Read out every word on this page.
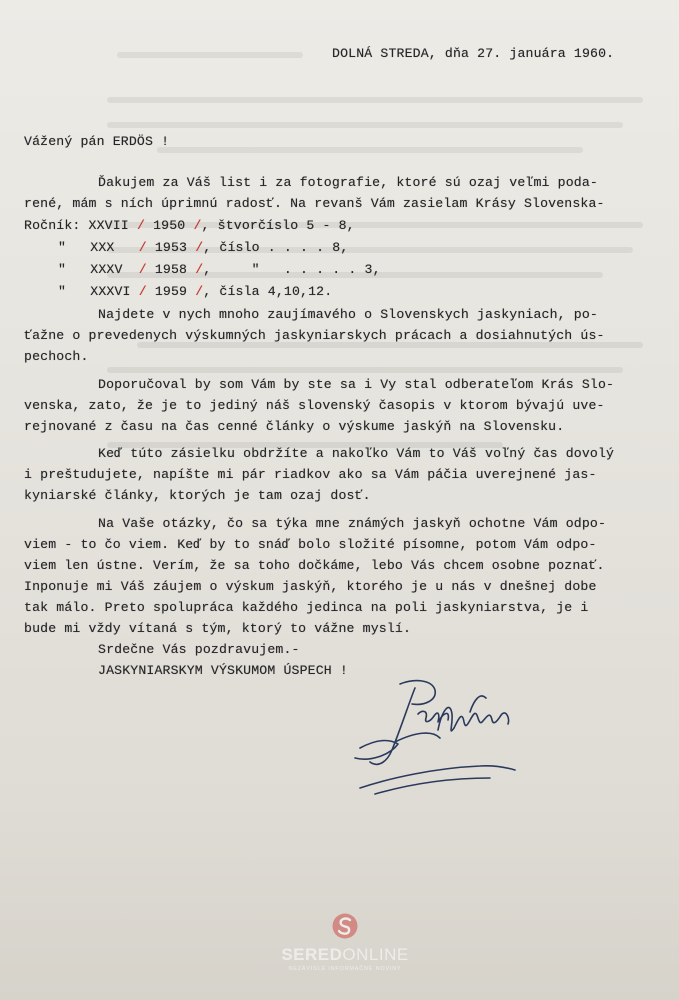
DOLNÁ STREDA, dňa 27. januára 1960.
Vážený pán ERDÖS !
Ďakujem za Váš list i za fotografie, ktoré sú ozaj veľmi poda-
rené, mám s ních úprimnú radosť. Na revanš Vám zasielam Krásy Slovenska-
Ročník: XXVII / 1950 /, štvorčíslo 5 - 8,
" XXX / 1953 /, číslo . . . . 8,
" XXXV / 1958 /,     "   . . . . . 3,
" XXXVI / 1959 /, čísla 4,10,12.
Najdete v nych mnoho zaujímavého o Slovenskych jaskyniach, po-
ťažne o prevedenych výskumných jaskyniarskych prácach a dosiahnutých ús-
pechoch.
Doporučoval by som Vám by ste sa i Vy stal odberateľom Krás Slo-
venska, zato, že je to jediný náš slovenský časopis v ktorom bývajú uve-
rejnované z času na čas cenné články o výskume jaskýň na Slovensku.
Keď túto zásielku obdržíte a nakoľko Vám to Váš voľný čas dovolý
i preštudujete, napíšte mi pár riadkov ako sa Vám páčia uverejnené jas-
kyniarské články, ktorých je tam ozaj dosť.
Na Vaše otázky, čo sa týka mne známých jaskyň ochotne Vám odpo-
viem - to čo viem. Keď by to snáď bolo složité písomne, potom Vám odpo-
viem len ústne. Verím, že sa toho dočkáme, lebo Vás chcem osobne poznať.
Inponuje mi Váš záujem o výskum jaskýň, ktorého je u nás v dnešnej dobe
tak málo. Preto spolupráca každého jedinca na poli jaskyniarstva, je i
bude mi vždy vítaná s tým, ktorý to vážne myslí.
Srdečne Vás pozdravujem.-
JASKYNIARSKYM VÝSKUMOM ÚSPECH !
SEREDONLINE
NEZÁVISLÉ INFORMAČNÉ NOVINY
